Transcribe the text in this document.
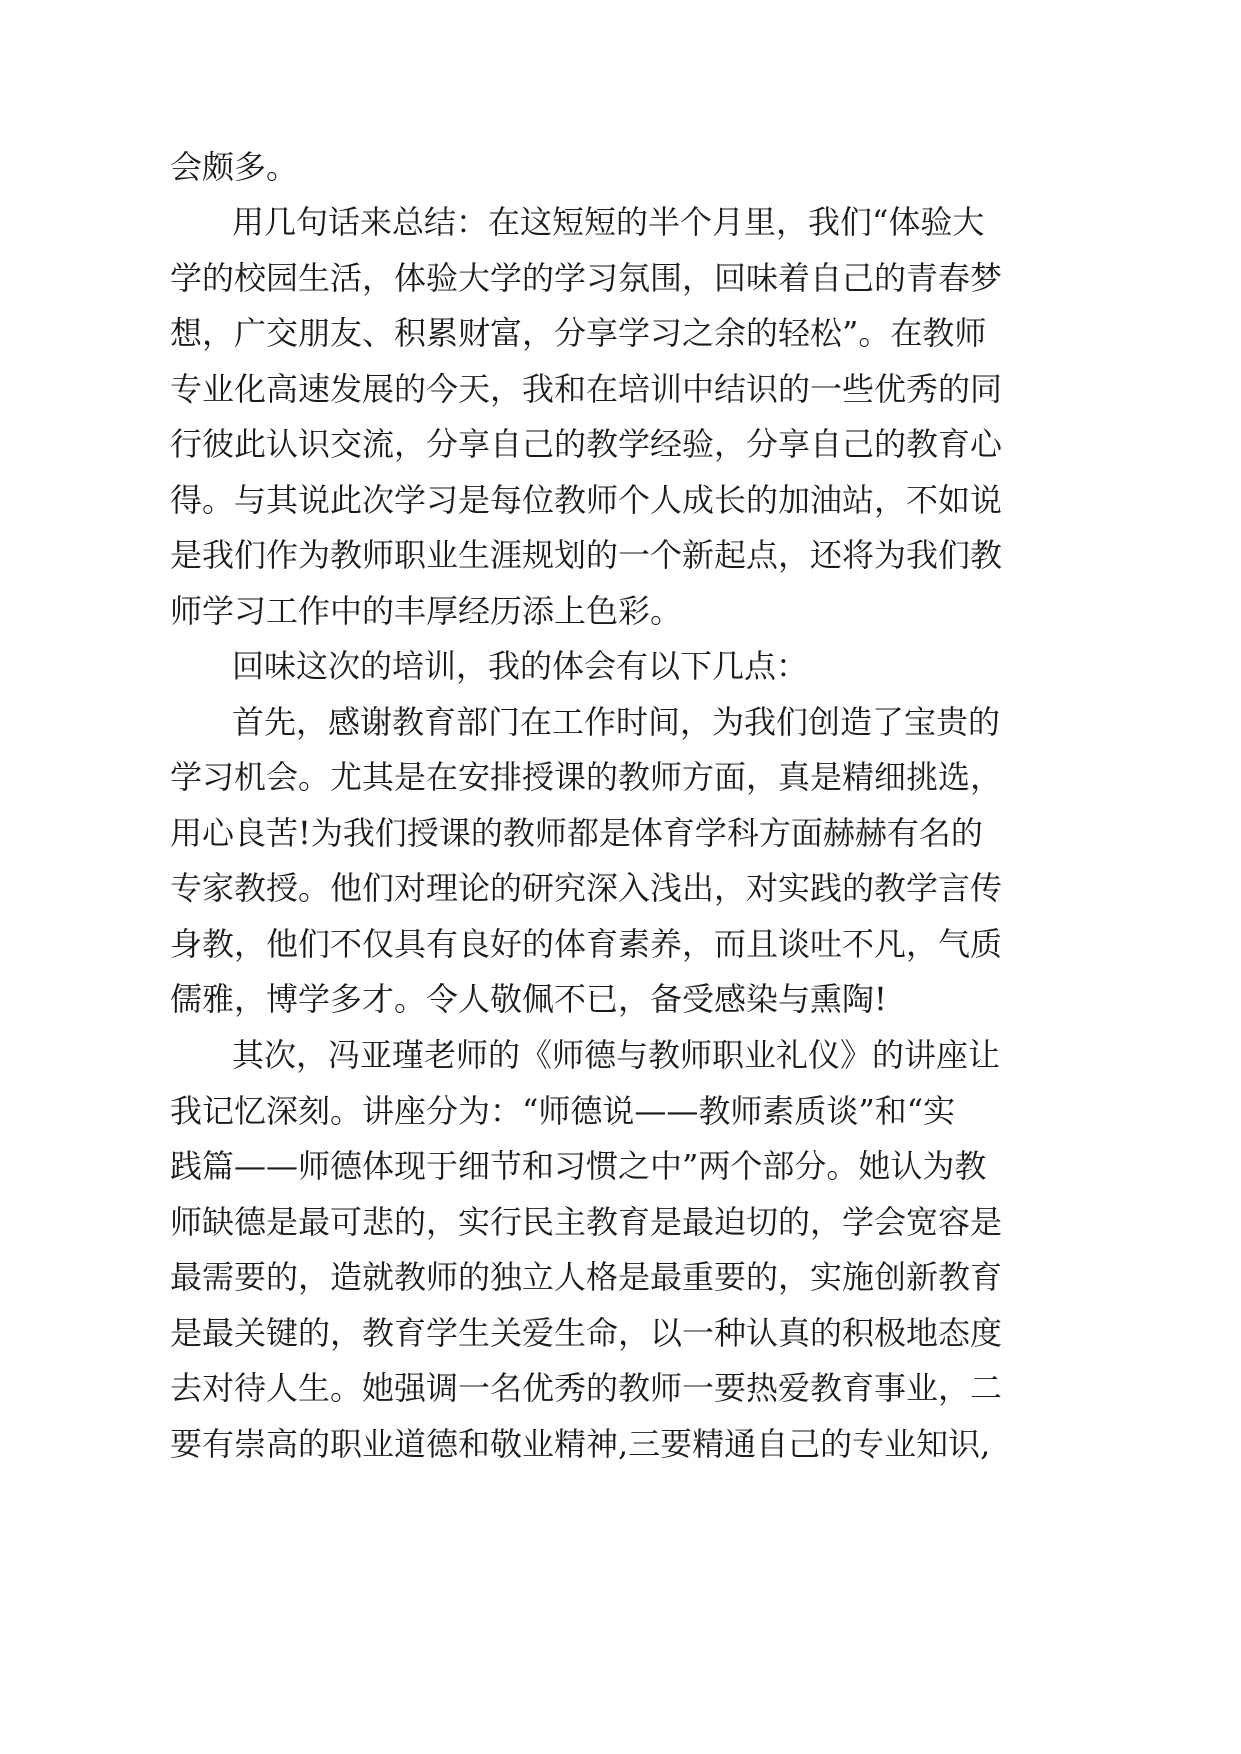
会颇多。
用几句话来总结：在这短短的半个月里，我们“体验大
学的校园生活，体验大学的学习氛围，回味着自己的青春梦
想，广交朋友、积累财富，分享学习之余的轻松”。在教师
专业化高速发展的今天，我和在培训中结识的一些优秀的同
行彼此认识交流，分享自己的教学经验，分享自己的教育心
得。与其说此次学习是每位教师个人成长的加油站，不如说
是我们作为教师职业生涯规划的一个新起点，还将为我们教
师学习工作中的丰厚经历添上色彩。
回味这次的培训，我的体会有以下几点：
首先，感谢教育部门在工作时间，为我们创造了宝贵的
学习机会。尤其是在安排授课的教师方面，真是精细挑选，
用心良苦!为我们授课的教师都是体育学科方面赫赫有名的
专家教授。他们对理论的研究深入浅出，对实践的教学言传
身教，他们不仅具有良好的体育素养，而且谈吐不凡，气质
儒雅，博学多才。令人敬佩不已，备受感染与熏陶!
其次，冯亚瑾老师的《师德与教师职业礼仪》的讲座让
我记忆深刻。讲座分为：“师德说——教师素质谈”和“实
践篇——师德体现于细节和习惯之中”两个部分。她认为教
师缺德是最可悲的，实行民主教育是最迫切的，学会宽容是
最需要的，造就教师的独立人格是最重要的，实施创新教育
是最关键的，教育学生关爱生命，以一种认真的积极地态度
去对待人生。她强调一名优秀的教师一要热爱教育事业，二
要有崇高的职业道德和敬业精神,三要精通自己的专业知识,
